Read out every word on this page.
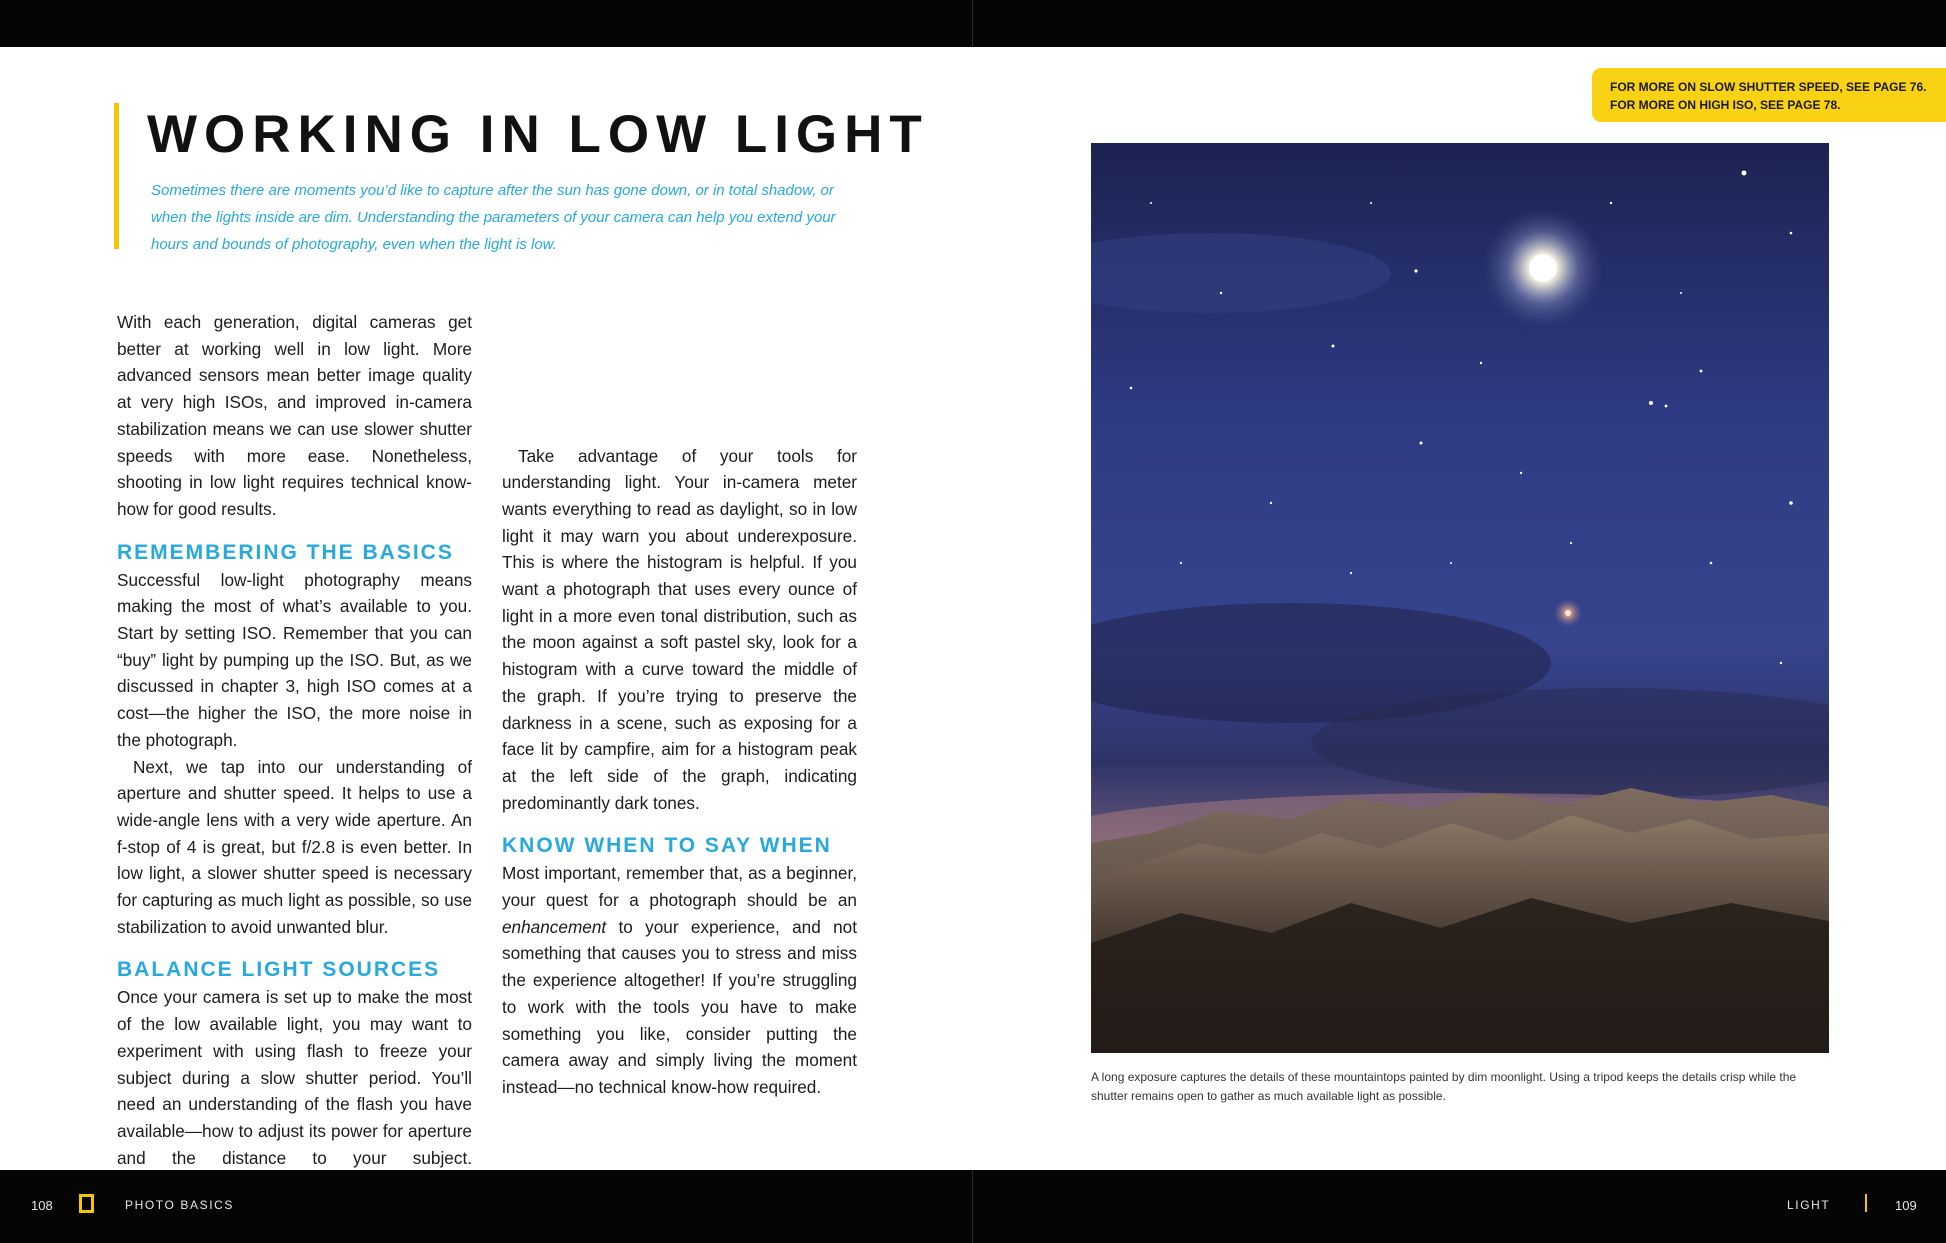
FOR MORE ON SLOW SHUTTER SPEED, SEE PAGE 76.
FOR MORE ON HIGH ISO, SEE PAGE 78.
WORKING IN LOW LIGHT

Sometimes there are moments you’d like to capture after the sun has gone down, or in total shadow, or when the lights inside are dim. Understanding the parameters of your camera can help you extend your hours and bounds of photography, even when the light is low.

With each generation, digital cameras get better at working well in low light. More advanced sensors mean better image quality at very high ISOs, and improved in-camera stabilization means we can use slower shutter speeds with more ease. Nonetheless, shooting in low light requires technical know-how for good results.

REMEMBERING THE BASICS

Successful low-light photography means making the most of what’s available to you. Start by setting ISO. Remember that you can “buy” light by pumping up the ISO. But, as we discussed in chapter 3, high ISO comes at a cost—the higher the ISO, the more noise in the photograph.

Next, we tap into our understanding of aperture and shutter speed. It helps to use a wide-angle lens with a very wide aperture. An f-stop of 4 is great, but f/2.8 is even better. In low light, a slower shutter speed is necessary for capturing as much light as possible, so use stabilization to avoid unwanted blur.

BALANCE LIGHT SOURCES

Once your camera is set up to make the most of the low available light, you may want to experiment with using flash to freeze your subject during a slow shutter period. You’ll need an understanding of the flash you have available—how to adjust its power for aperture and the distance to your subject.

Take advantage of your tools for understanding light. Your in-camera meter wants everything to read as daylight, so in low light it may warn you about underexposure. This is where the histogram is helpful. If you want a photograph that uses every ounce of light in a more even tonal distribution, such as the moon against a soft pastel sky, look for a histogram with a curve toward the middle of the graph. If you’re trying to preserve the darkness in a scene, such as exposing for a face lit by campfire, aim for a histogram peak at the left side of the graph, indicating predominantly dark tones.

KNOW WHEN TO SAY WHEN

Most important, remember that, as a beginner, your quest for a photograph should be an enhancement to your experience, and not something that causes you to stress and miss the experience altogether! If you’re struggling to work with the tools you have to make something you like, consider putting the camera away and simply living the moment instead—no technical know-how required.	A long exposure captures the details of these mountaintops painted by dim moonlight. Using a tripod keeps the details crisp while the shutter remains open to gather as much available light as possible.

108	PHOTO BASICS	LIGHT	109
